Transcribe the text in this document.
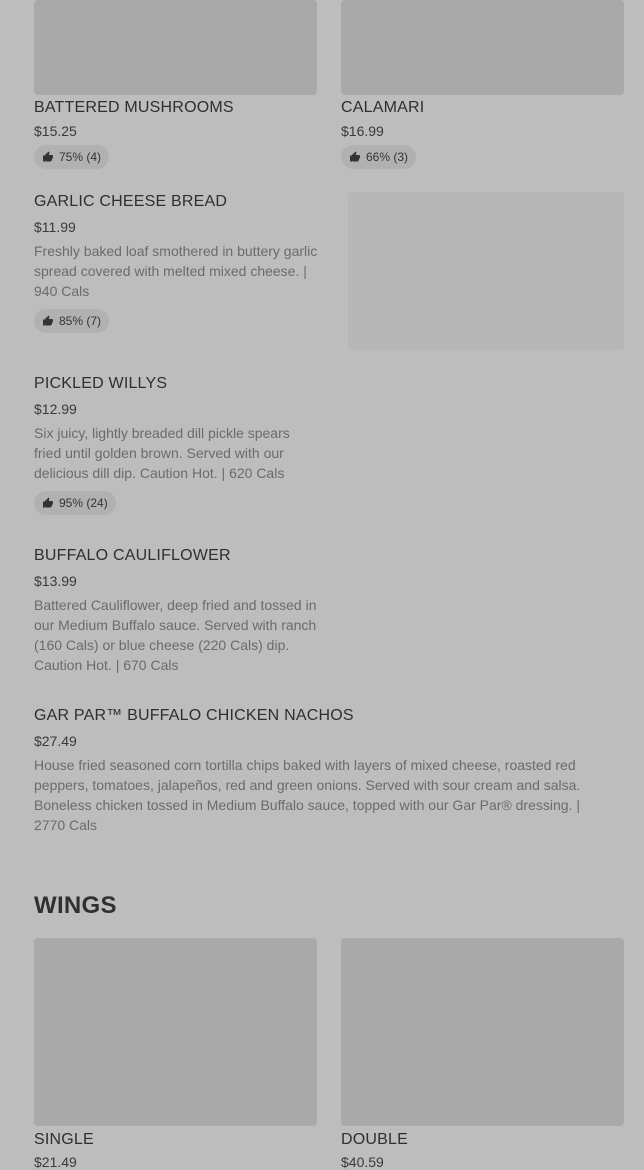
BATTERED MUSHROOMS
$15.25
75% (4)
CALAMARI
$16.99
66% (3)
GARLIC CHEESE BREAD
$11.99
Freshly baked loaf smothered in buttery garlic spread covered with melted mixed cheese. | 940 Cals
85% (7)
PICKLED WILLYS
$12.99
Six juicy, lightly breaded dill pickle spears fried until golden brown. Served with our delicious dill dip. Caution Hot. | 620 Cals
95% (24)
BUFFALO CAULIFLOWER
$13.99
Battered Cauliflower, deep fried and tossed in our Medium Buffalo sauce. Served with ranch (160 Cals) or blue cheese (220 Cals) dip. Caution Hot. | 670 Cals
GAR PAR™ BUFFALO CHICKEN NACHOS
$27.49
House fried seasoned corn tortilla chips baked with layers of mixed cheese, roasted red peppers, tomatoes, jalapeños, red and green onions. Served with sour cream and salsa. Boneless chicken tossed in Medium Buffalo sauce, topped with our Gar Par® dressing. | 2770 Cals
WINGS
SINGLE
$21.49
DOUBLE
$40.59
